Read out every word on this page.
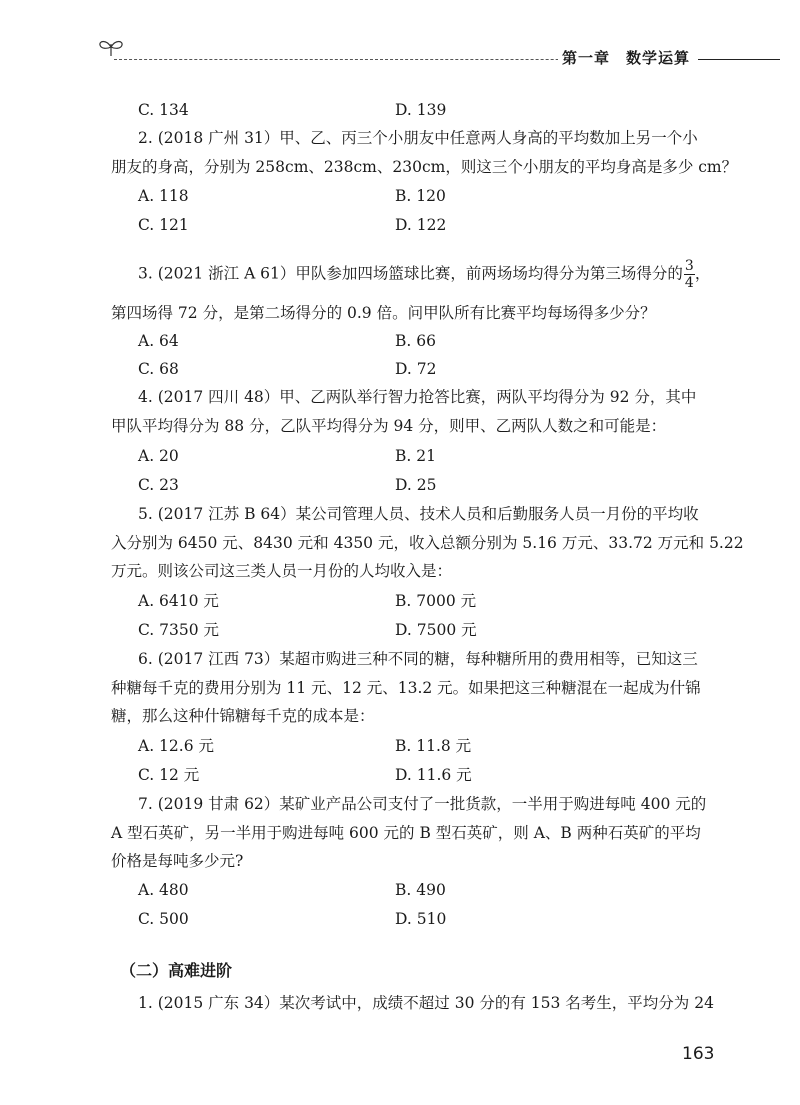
第一章　数学运算
C. 134	D. 139
2. (2018 广州 31）甲、乙、丙三个小朋友中任意两人身高的平均数加上另一个小
朋友的身高，分别为 258cm、238cm、230cm，则这三个小朋友的平均身高是多少 cm？
A. 118	B. 120
C. 121	D. 122
3. (2021 浙江 A 61）甲队参加四场篮球比赛，前两场场均得分为第三场得分的 $\frac{3}{4}$ ，
第四场得 72 分，是第二场得分的 0.9 倍。问甲队所有比赛平均每场得多少分？
A. 64	B. 66
C. 68	D. 72
4. (2017 四川 48）甲、乙两队举行智力抢答比赛，两队平均得分为 92 分，其中
甲队平均得分为 88 分，乙队平均得分为 94 分，则甲、乙两队人数之和可能是：
A. 20	B. 21
C. 23	D. 25
5. (2017 江苏 B 64）某公司管理人员、技术人员和后勤服务人员一月份的平均收
入分别为 6450 元、8430 元和 4350 元，收入总额分别为 5.16 万元、33.72 万元和 5.22
万元。则该公司这三类人员一月份的人均收入是：
A. 6410 元	B. 7000 元
C. 7350 元	D. 7500 元
6. (2017 江西 73）某超市购进三种不同的糖，每种糖所用的费用相等，已知这三
种糖每千克的费用分别为 11 元、12 元、13.2 元。如果把这三种糖混在一起成为什锦
糖，那么这种什锦糖每千克的成本是：
A. 12.6 元	B. 11.8 元
C. 12 元	D. 11.6 元
7. (2019 甘肃 62）某矿业产品公司支付了一批货款，一半用于购进每吨 400 元的
A 型石英矿，另一半用于购进每吨 600 元的 B 型石英矿，则 A、B 两种石英矿的平均
价格是每吨多少元?
A. 480	B. 490
C. 500	D. 510
（二）高难进阶
1. (2015 广东 34）某次考试中，成绩不超过 30 分的有 153 名考生，平均分为 24
163
